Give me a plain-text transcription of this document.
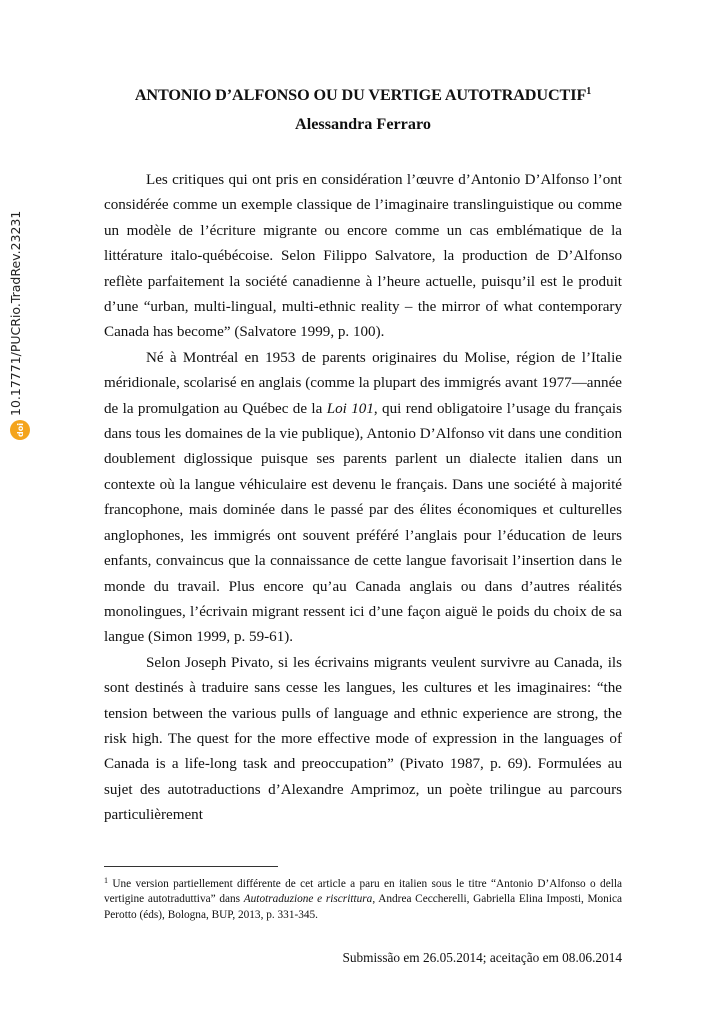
10.17771/PUCRio.TradRev.23231
doi
ANTONIO D’ALFONSO OU DU VERTIGE AUTOTRADUCTIF$^1$
Alessandra Ferraro

Les critiques qui ont pris en considération l’œuvre d’Antonio D’Alfonso l’ont considérée comme un exemple classique de l’imaginaire translinguistique ou comme un modèle de l’écriture migrante ou encore comme un cas emblématique de la littérature italo-québécoise. Selon Filippo Salvatore, la production de D’Alfonso reflète parfaitement la société canadienne à l’heure actuelle, puisqu’il est le produit d’une “urban, multi-lingual, multi-ethnic reality – the mirror of what contemporary Canada has become” (Salvatore 1999, p. 100).

Né à Montréal en 1953 de parents originaires du Molise, région de l’Italie méridionale, scolarisé en anglais (comme la plupart des immigrés avant 1977—année de la promulgation au Québec de la Loi 101, qui rend obligatoire l’usage du français dans tous les domaines de la vie publique), Antonio D’Alfonso vit dans une condition doublement diglossique puisque ses parents parlent un dialecte italien dans un contexte où la langue véhiculaire est devenu le français. Dans une société à majorité francophone, mais dominée dans le passé par des élites économiques et culturelles anglophones, les immigrés ont souvent préféré l’anglais pour l’éducation de leurs enfants, convaincus que la connaissance de cette langue favorisait l’insertion dans le monde du travail. Plus encore qu’au Canada anglais ou dans d’autres réalités monolingues, l’écrivain migrant ressent ici d’une façon aiguë le poids du choix de sa langue (Simon 1999, p. 59-61).

Selon Joseph Pivato, si les écrivains migrants veulent survivre au Canada, ils sont destinés à traduire sans cesse les langues, les cultures et les imaginaires: “the tension between the various pulls of language and ethnic experience are strong, the risk high. The quest for the more effective mode of expression in the languages of Canada is a life-long task and preoccupation” (Pivato 1987, p. 69). Formulées au sujet des autotraductions d’Alexandre Amprimoz, un poète trilingue au parcours particulièrement

$^1$ Une version partiellement différente de cet article a paru en italien sous le titre “Antonio D’Alfonso o della vertigine autotraduttiva” dans Autotraduzione e riscrittura, Andrea Ceccherelli, Gabriella Elina Imposti, Monica Perotto (éds), Bologna, BUP, 2013, p. 331-345.
Submissão em 26.05.2014; aceitação em 08.06.2014
